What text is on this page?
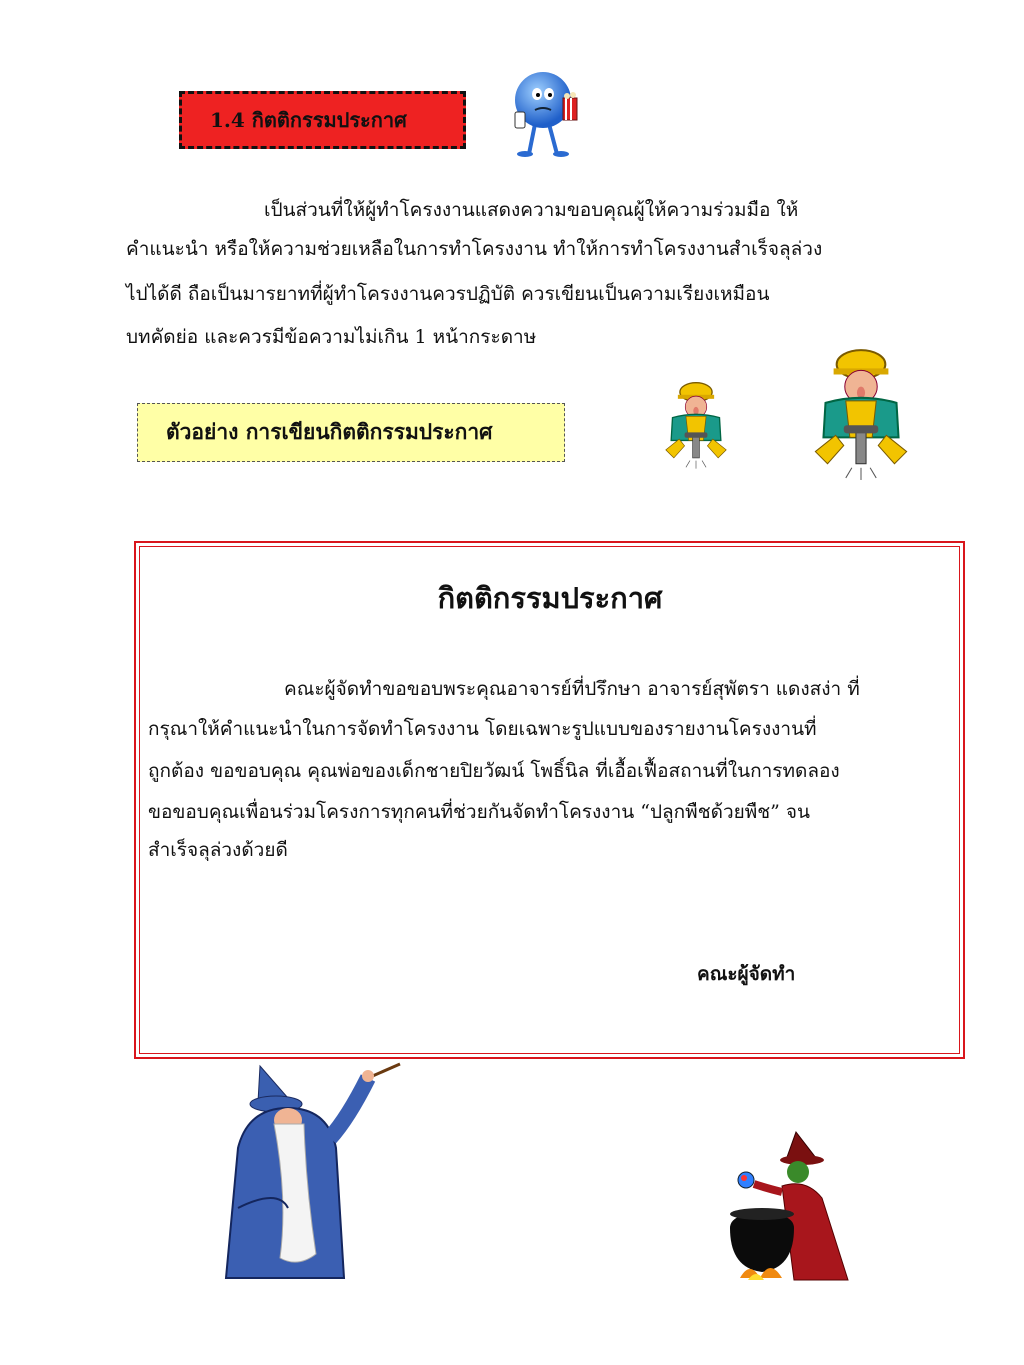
1.4 กิตติกรรมประกาศ
เป็นส่วนที่ให้ผู้ทำโครงงานแสดงความขอบคุณผู้ให้ความร่วมมือ ให้
คำแนะนำ หรือให้ความช่วยเหลือในการทำโครงงาน ทำให้การทำโครงงานสำเร็จลุล่วง
ไปได้ดี ถือเป็นมารยาทที่ผู้ทำโครงงานควรปฏิบัติ ควรเขียนเป็นความเรียงเหมือน
บทคัดย่อ และควรมีข้อความไม่เกิน 1 หน้ากระดาษ
ตัวอย่าง การเขียนกิตติกรรมประกาศ
กิตติกรรมประกาศ
คณะผู้จัดทำขอขอบพระคุณอาจารย์ที่ปรึกษา อาจารย์สุพัตรา แดงสง่า ที่
กรุณาให้คำแนะนำในการจัดทำโครงงาน โดยเฉพาะรูปแบบของรายงานโครงงานที่
ถูกต้อง ขอขอบคุณ คุณพ่อของเด็กชายปิยวัฒน์ โพธิ์นิล ที่เอื้อเฟื้อสถานที่ในการทดลอง
ขอขอบคุณเพื่อนร่วมโครงการทุกคนที่ช่วยกันจัดทำโครงงาน “ปลูกพืชด้วยพืช” จน
สำเร็จลุล่วงด้วยดี
คณะผู้จัดทำ
